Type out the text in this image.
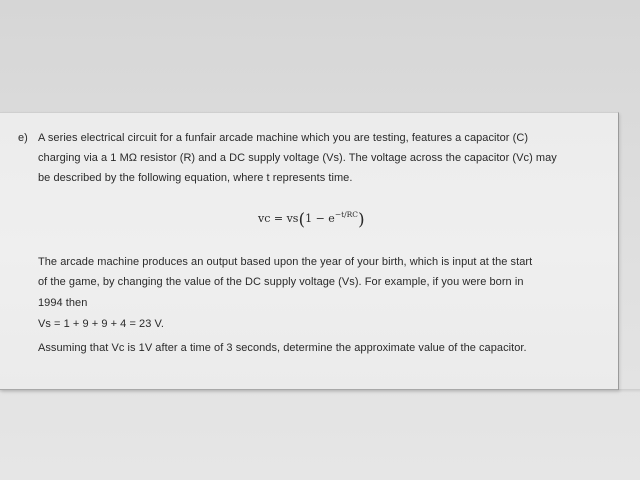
e) A series electrical circuit for a funfair arcade machine which you are testing, features a capacitor (C)
charging via a 1 MΩ resistor (R) and a DC supply voltage (Vs). The voltage across the capacitor (Vc) may
be described by the following equation, where t represents time.
vc = $vs(1 - e^{-t/RC})$
The arcade machine produces an output based upon the year of your birth, which is input at the start
of the game, by changing the value of the DC supply voltage (Vs). For example, if you were born in
1994 then
Vs = 1 + 9 + 9 + 4 = 23 V.
Assuming that Vc is 1V after a time of 3 seconds, determine the approximate value of the capacitor.
